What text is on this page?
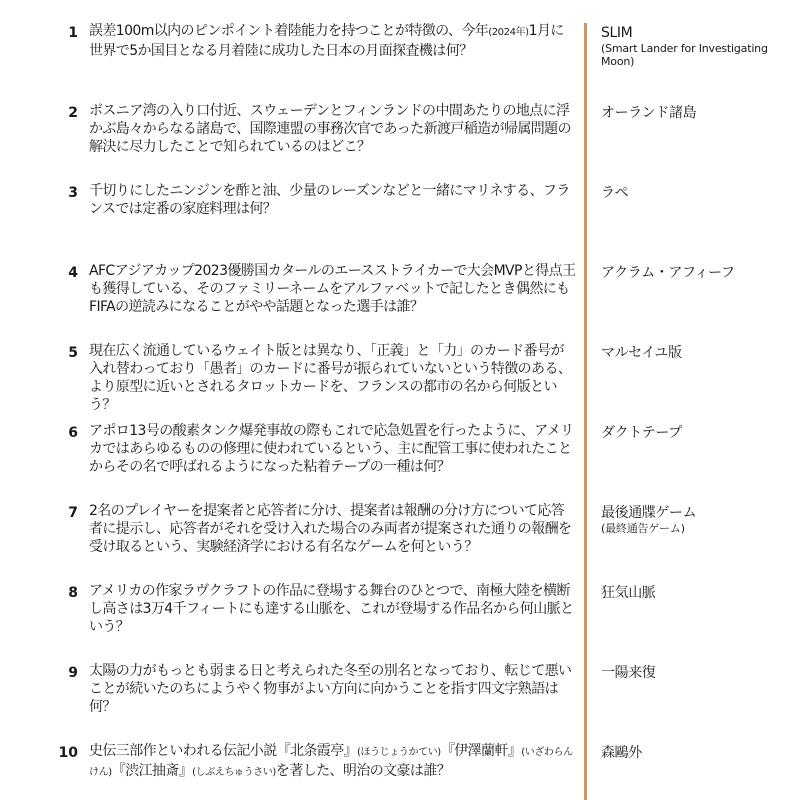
1 誤差100m以内のピンポイント着陸能力を持つことが特徴の、今年(2024年)1月に世界で5か国目となる月着陸に成功した日本の月面探査機は何？
SLIM
(Smart Lander for Investigating Moon)
2 ボスニア湾の入り口付近、スウェーデンとフィンランドの中間あたりの地点に浮かぶ島々からなる諸島で、国際連盟の事務次官であった新渡戸稲造が帰属問題の解決に尽力したことで知られているのはどこ？
オーランド諸島
3 千切りにしたニンジンを酢と油、少量のレーズンなどと一緒にマリネする、フランスでは定番の家庭料理は何？
ラペ
4 AFCアジアカップ2023優勝国カタールのエースストライカーで大会MVPと得点王も獲得している、そのファミリーネームをアルファベットで記したとき偶然にもFIFAの逆読みになることがやや話題となった選手は誰？
アクラム・アフィーフ
5 現在広く流通しているウェイト版とは異なり、「正義」と「力」のカード番号が入れ替わっており「愚者」のカードに番号が振られていないという特徴のある、より原型に近いとされるタロットカードを、フランスの都市の名から何版という？
マルセイユ版
6 アポロ13号の酸素タンク爆発事故の際もこれで応急処置を行ったように、アメリカではあらゆるものの修理に使われているという、主に配管工事に使われたことからその名で呼ばれるようになった粘着テープの一種は何？
ダクトテープ
7 2名のプレイヤーを提案者と応答者に分け、提案者は報酬の分け方について応答者に提示し、応答者がそれを受け入れた場合のみ両者が提案された通りの報酬を受け取るという、実験経済学における有名なゲームを何という？
最後通牒ゲーム
(最終通告ゲーム)
8 アメリカの作家ラヴクラフトの作品に登場する舞台のひとつで、南極大陸を横断し高さは3万4千フィートにも達する山脈を、これが登場する作品名から何山脈という？
狂気山脈
9 太陽の力がもっとも弱まる日と考えられた冬至の別名となっており、転じて悪いことが続いたのちにようやく物事がよい方向に向かうことを指す四文字熟語は何？
一陽来復
10 史伝三部作といわれる伝記小説『北条霞亭』(ほうじょうかてい)『伊澤蘭軒』(いざわらんけん)『渋江抽斎』(しぶえちゅうさい)を著した、明治の文豪は誰？
森鷗外
